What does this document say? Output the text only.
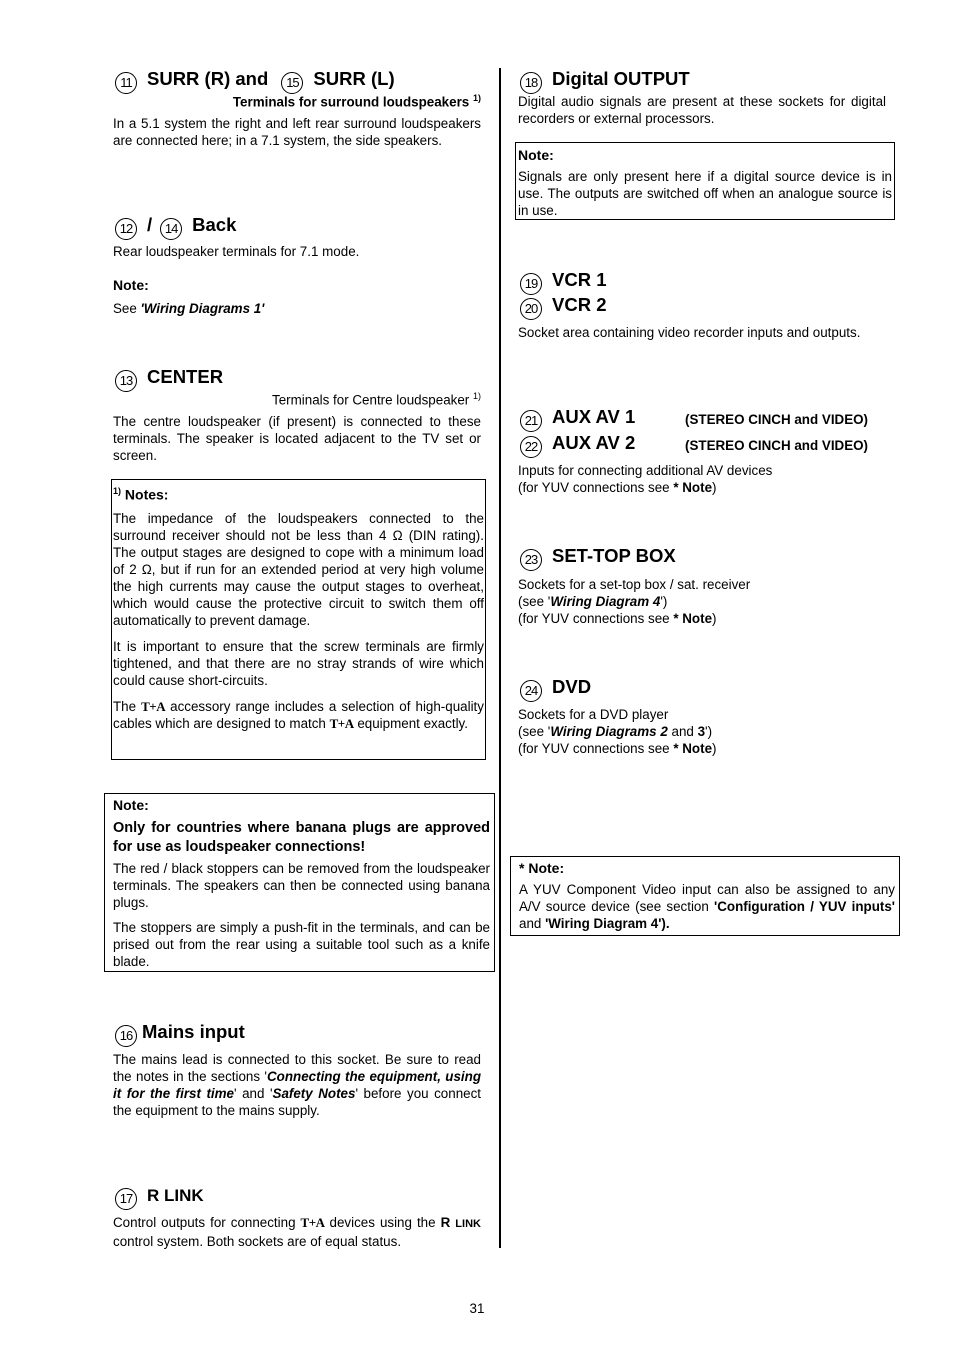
11 SURR (R) and 15 SURR (L)
Terminals for surround loudspeakers $^{1)}$
In a 5.1 system the right and left rear surround loudspeakers are connected here; in a 7.1 system, the side speakers.
12 / 14 Back
Rear loudspeaker terminals for 7.1 mode.
Note:
See 'Wiring Diagrams 1'
13 CENTER
Terminals for Centre loudspeaker $^{1)}$
The centre loudspeaker (if present) is connected to these terminals. The speaker is located adjacent to the TV set or screen.
$^{1)}$ Notes:

The impedance of the loudspeakers connected to the surround receiver should not be less than 4 Ω (DIN rating). The output stages are designed to cope with a minimum load of 2 Ω, but if run for an extended period at very high volume the high currents may cause the output stages to overheat, which would cause the protective circuit to switch them off automatically to prevent damage.

It is important to ensure that the screw terminals are firmly tightened, and that there are no stray strands of wire which could cause short-circuits.

The T+A accessory range includes a selection of high-quality cables which are designed to match T+A equipment exactly.

Note:

Only for countries where banana plugs are approved for use as loudspeaker connections!

The red / black stoppers can be removed from the loudspeaker terminals. The speakers can then be connected using banana plugs.

The stoppers are simply a push-fit in the terminals, and can be prised out from the rear using a suitable tool such as a knife blade.

16 Mains input
The mains lead is connected to this socket. Be sure to read the notes in the sections 'Connecting the equipment, using it for the first time' and 'Safety Notes' before you connect the equipment to the mains supply.
17 R LINK
Control outputs for connecting T+A devices using the R LINK control system. Both sockets are of equal status.
18 Digital OUTPUT
Digital audio signals are present at these sockets for digital recorders or external processors.
Note:

Signals are only present here if a digital source device is in use. The outputs are switched off when an analogue source is in use.

19 VCR 1
20 VCR 2
Socket area containing video recorder inputs and outputs.
21 AUX AV 1	(STEREO CINCH and VIDEO)
22 AUX AV 2	(STEREO CINCH and VIDEO)
Inputs for connecting additional AV devices
(for YUV connections see * Note)
23 SET-TOP BOX
Sockets for a set-top box / sat. receiver
(see 'Wiring Diagram 4')
(for YUV connections see * Note)
24 DVD
Sockets for a DVD player
(see 'Wiring Diagrams 2 and 3')
(for YUV connections see * Note)
* Note:

A YUV Component Video input can also be assigned to any A/V source device (see section 'Configuration / YUV inputs' and 'Wiring Diagram 4').

31
